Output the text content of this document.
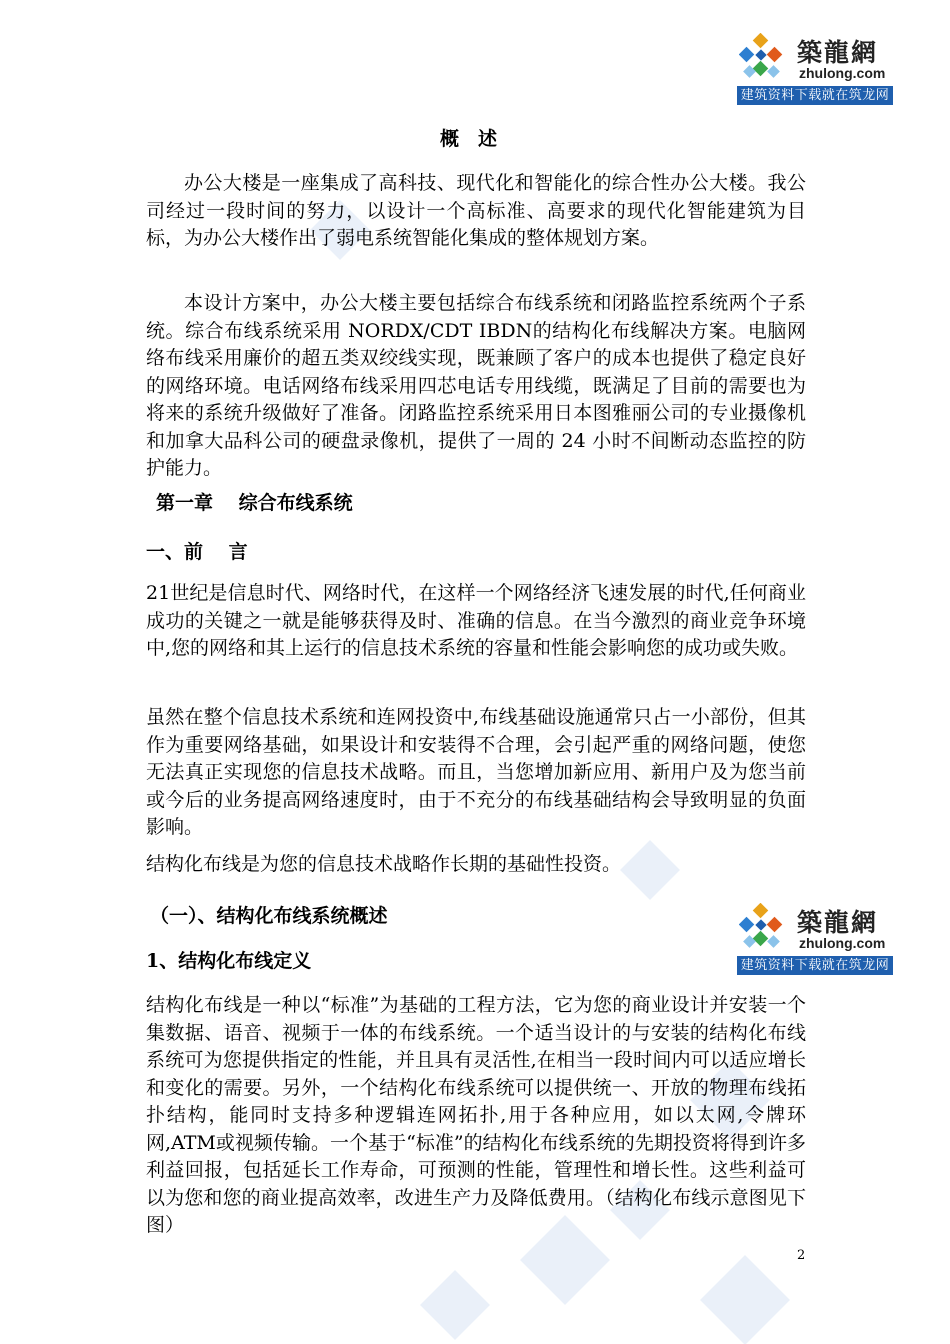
築龍網
zhulong.com
建筑资料下载就在筑龙网
築龍網
zhulong.com
建筑资料下载就在筑龙网
概　述
办公大楼是一座集成了高科技、现代化和智能化的综合性办公大楼。我公司经过一段时间的努力，以设计一个高标准、高要求的现代化智能建筑为目标，为办公大楼作出了弱电系统智能化集成的整体规划方案。
本设计方案中，办公大楼主要包括综合布线系统和闭路监控系统两个子系统。综合布线系统采用 NORDX/CDT IBDN的结构化布线解决方案。电脑网络布线采用廉价的超五类双绞线实现，既兼顾了客户的成本也提供了稳定良好的网络环境。电话网络布线采用四芯电话专用线缆，既满足了目前的需要也为将来的系统升级做好了准备。闭路监控系统采用日本图雅丽公司的专业摄像机和加拿大品科公司的硬盘录像机，提供了一周的 24 小时不间断动态监控的防护能力。
第一章　 综合布线系统
一、前　 言
21世纪是信息时代、网络时代，在这样一个网络经济飞速发展的时代,任何商业成功的关键之一就是能够获得及时、准确的信息。在当今激烈的商业竞争环境中,您的网络和其上运行的信息技术系统的容量和性能会影响您的成功或失败。
虽然在整个信息技术系统和连网投资中,布线基础设施通常只占一小部份，但其作为重要网络基础，如果设计和安装得不合理，会引起严重的网络问题，使您无法真正实现您的信息技术战略。而且，当您增加新应用、新用户及为您当前或今后的业务提高网络速度时，由于不充分的布线基础结构会导致明显的负面影响。
结构化布线是为您的信息技术战略作长期的基础性投资。
（一）、结构化布线系统概述
1、结构化布线定义
结构化布线是一种以“标准”为基础的工程方法，它为您的商业设计并安装一个集数据、语音、视频于一体的布线系统。一个适当设计的与安装的结构化布线系统可为您提供指定的性能，并且具有灵活性,在相当一段时间内可以适应增长和变化的需要。另外，一个结构化布线系统可以提供统一、开放的物理布线拓扑结构，能同时支持多种逻辑连网拓扑,用于各种应用，如以太网,令牌环网,ATM或视频传输。一个基于“标准”的结构化布线系统的先期投资将得到许多利益回报，包括延长工作寿命，可预测的性能，管理性和增长性。这些利益可以为您和您的商业提高效率，改进生产力及降低费用。（结构化布线示意图见下图）
2
